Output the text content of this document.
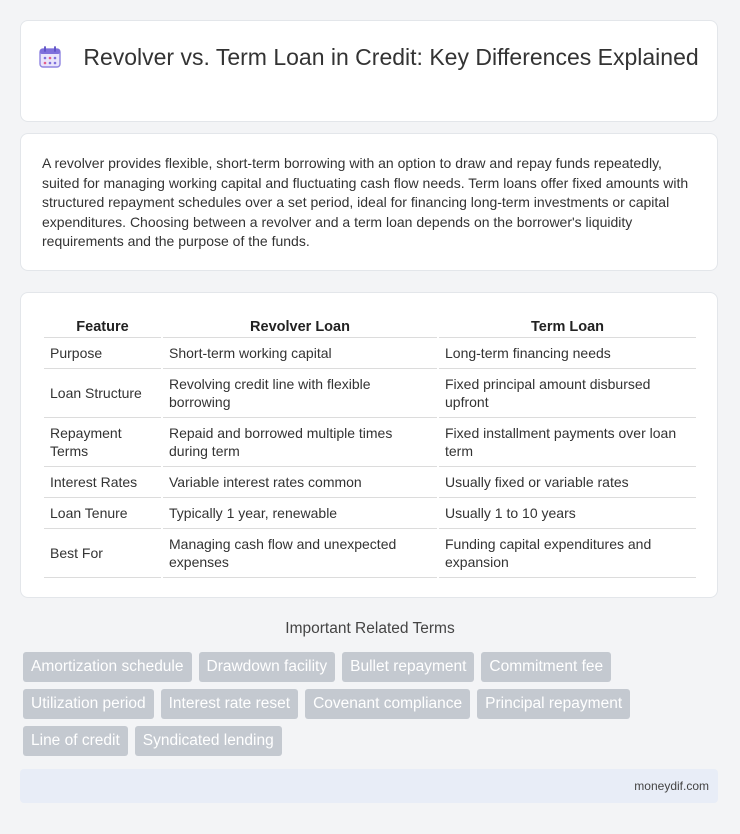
Revolver vs. Term Loan in Credit: Key Differences Explained

A revolver provides flexible, short-term borrowing with an option to draw and repay funds repeatedly, suited for managing working capital and fluctuating cash flow needs. Term loans offer fixed amounts with structured repayment schedules over a set period, ideal for financing long-term investments or capital expenditures. Choosing between a revolver and a term loan depends on the borrower's liquidity requirements and the purpose of the funds.

Feature	Revolver Loan	Term Loan
Purpose	Short-term working capital	Long-term financing needs
Loan Structure	Revolving credit line with flexible borrowing	Fixed principal amount disbursed upfront
Repayment Terms	Repaid and borrowed multiple times during term	Fixed installment payments over loan term
Interest Rates	Variable interest rates common	Usually fixed or variable rates
Loan Tenure	Typically 1 year, renewable	Usually 1 to 10 years
Best For	Managing cash flow and unexpected expenses	Funding capital expenditures and expansion
Important Related Terms
Amortization schedule	Drawdown facility	Bullet repayment	Commitment fee
Utilization period	Interest rate reset	Covenant compliance	Principal repayment
Line of credit	Syndicated lending
moneydif.com
